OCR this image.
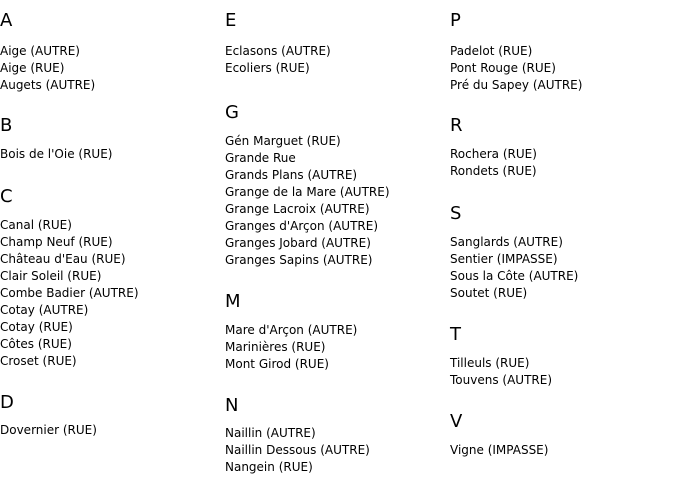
A
Aige (AUTRE)
Aige (RUE)
Augets (AUTRE)
B
Bois de l'Oie (RUE)
C
Canal (RUE)
Champ Neuf (RUE)
Château d'Eau (RUE)
Clair Soleil (RUE)
Combe Badier (AUTRE)
Cotay (AUTRE)
Cotay (RUE)
Côtes (RUE)
Croset (RUE)
D
Dovernier (RUE)
E
Eclasons (AUTRE)
Ecoliers (RUE)
G
Gén Marguet (RUE)
Grande Rue
Grands Plans (AUTRE)
Grange de la Mare (AUTRE)
Grange Lacroix (AUTRE)
Granges d'Arçon (AUTRE)
Granges Jobard (AUTRE)
Granges Sapins (AUTRE)
M
Mare d'Arçon (AUTRE)
Marinières (RUE)
Mont Girod (RUE)
N
Naillin (AUTRE)
Naillin Dessous (AUTRE)
Nangein (RUE)
P
Padelot (RUE)
Pont Rouge (RUE)
Pré du Sapey (AUTRE)
R
Rochera (RUE)
Rondets (RUE)
S
Sanglards (AUTRE)
Sentier (IMPASSE)
Sous la Côte (AUTRE)
Soutet (RUE)
T
Tilleuls (RUE)
Touvens (AUTRE)
V
Vigne (IMPASSE)
